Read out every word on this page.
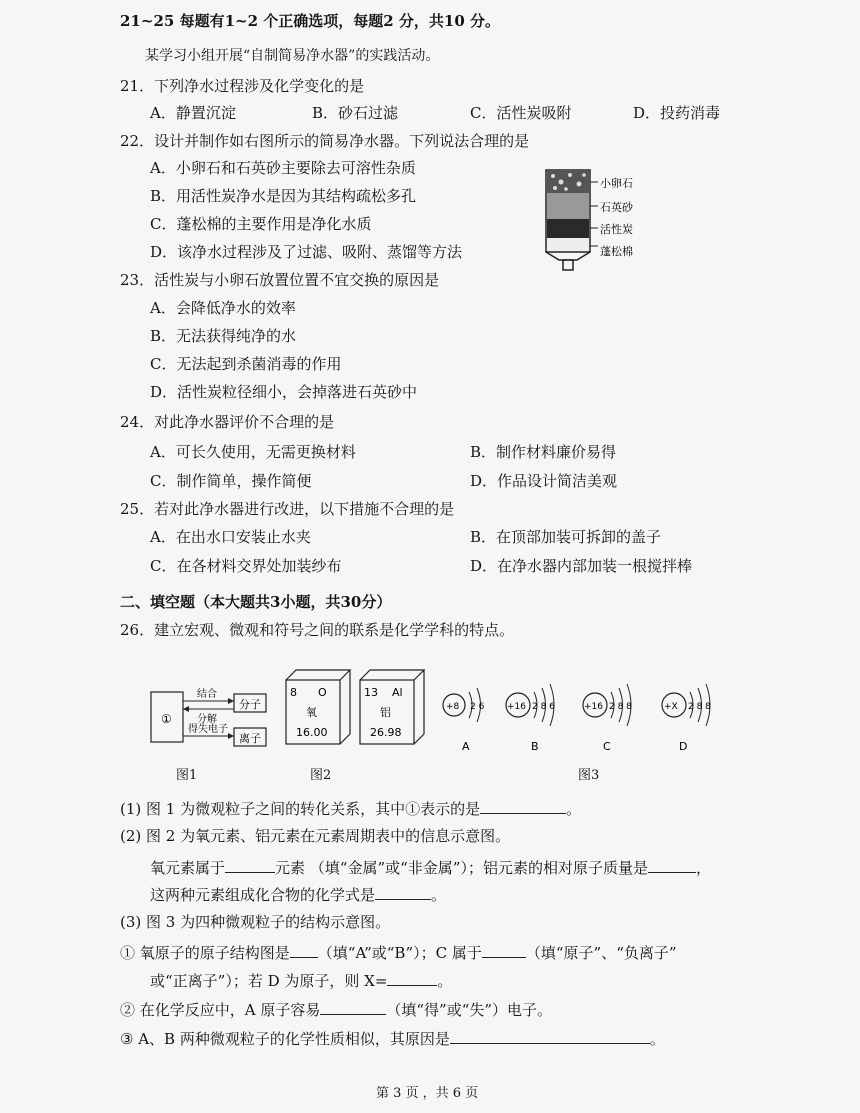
21~25 每题有1~2 个正确选项，每题2 分，共10 分。
某学习小组开展“自制简易净水器”的实践活动。
21．下列净水过程涉及化学变化的是
A．静置沉淀	B．砂石过滤	C．活性炭吸附	D．投药消毒
22．设计并制作如右图所示的简易净水器。下列说法合理的是
A．小卵石和石英砂主要除去可溶性杂质
B．用活性炭净水是因为其结构疏松多孔
C．蓬松棉的主要作用是净化水质
D．该净水过程涉及了过滤、吸附、蒸馏等方法
小卵石
石英砂
活性炭
蓬松棉
23．活性炭与小卵石放置位置不宜交换的原因是
A．会降低净水的效率
B．无法获得纯净的水
C．无法起到杀菌消毒的作用
D．活性炭粒径细小，会掉落进石英砂中
24．对此净水器评价不合理的是
A．可长久使用，无需更换材料	B．制作材料廉价易得
C．制作简单，操作简便	D．作品设计简洁美观
25．若对此净水器进行改进，以下措施不合理的是
A．在出水口安装止水夹	B．在顶部加装可拆卸的盖子
C．在各材料交界处加装纱布	D．在净水器内部加装一根搅拌棒
二、填空题（本大题共3小题，共30分）
26．建立宏观、微观和符号之间的联系是化学学科的特点。
①
结合
分解
得失电子
分子
离子
图1
8 O
氧
16.00
13 Al
铝
26.98
图2
+8 2 6
A
+16 2 8 6
B
+16 2 8 8
C
+X 2 8 8
D
图3
(1) 图 1 为微观粒子之间的转化关系，其中①表示的是	。
(2) 图 2 为氧元素、铝元素在元素周期表中的信息示意图。
氧元素属于	元素 （填“金属”或“非金属”）；铝元素的相对原子质量是	，
这两种元素组成化合物的化学式是	。
(3) 图 3 为四种微观粒子的结构示意图。
① 氧原子的原子结构图是 （填“A”或“B”）；C 属于	（填“原子”、“负离子”
或“正离子”）；若 D 为原子，则 X=	。
② 在化学反应中，A 原子容易	（填“得”或“失”）电子。
③ A、B 两种微观粒子的化学性质相似，其原因是	。
第 3 页 ，共 6 页
